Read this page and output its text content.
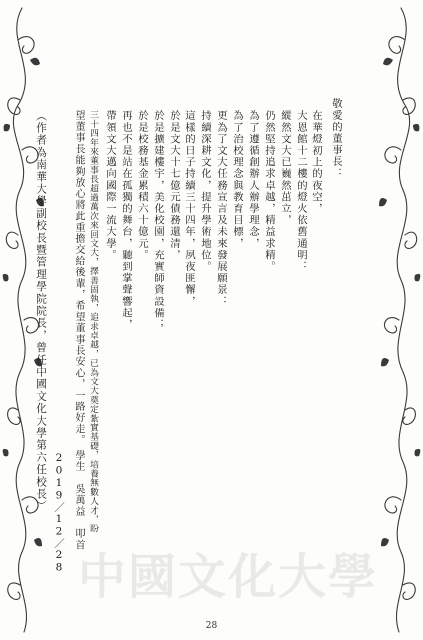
敬愛的董事長：
在華燈初上的夜空，
大恩館十二樓的燈火依舊通明：
縱然文大已巍然茁立，
仍然堅持追求卓越，精益求精。
為了遵循創辦人辦學理念，
為了治校理念與教育目標，
更為了文大任務宣言及未來發展願景：
持續深耕文化，提升學術地位。
這樣的日子持續三十四年，夙夜匪懈，
於是文大十七億元債務還清，
於是擴建樓宇，美化校園，充實師資設備；
於是校務基金累積六十億元。
再也不是站在孤獨的舞台，聽到掌聲響起，
帶領文大邁向國際一流大學。
三十四年來董事長超過萬次來回文大，擇善固執，追求卓越，已為文大奠定紮實基礎，培養無數人才，盼
望董事長能夠放心將此重擔交給後輩，希望董事長安心，一路好走。
學生　吳萬益　叩首
2019／12／28
（作者為南華大學副校長暨管理學院院長，曾任中國文化大學第六任校長）
中國文化大學
28
